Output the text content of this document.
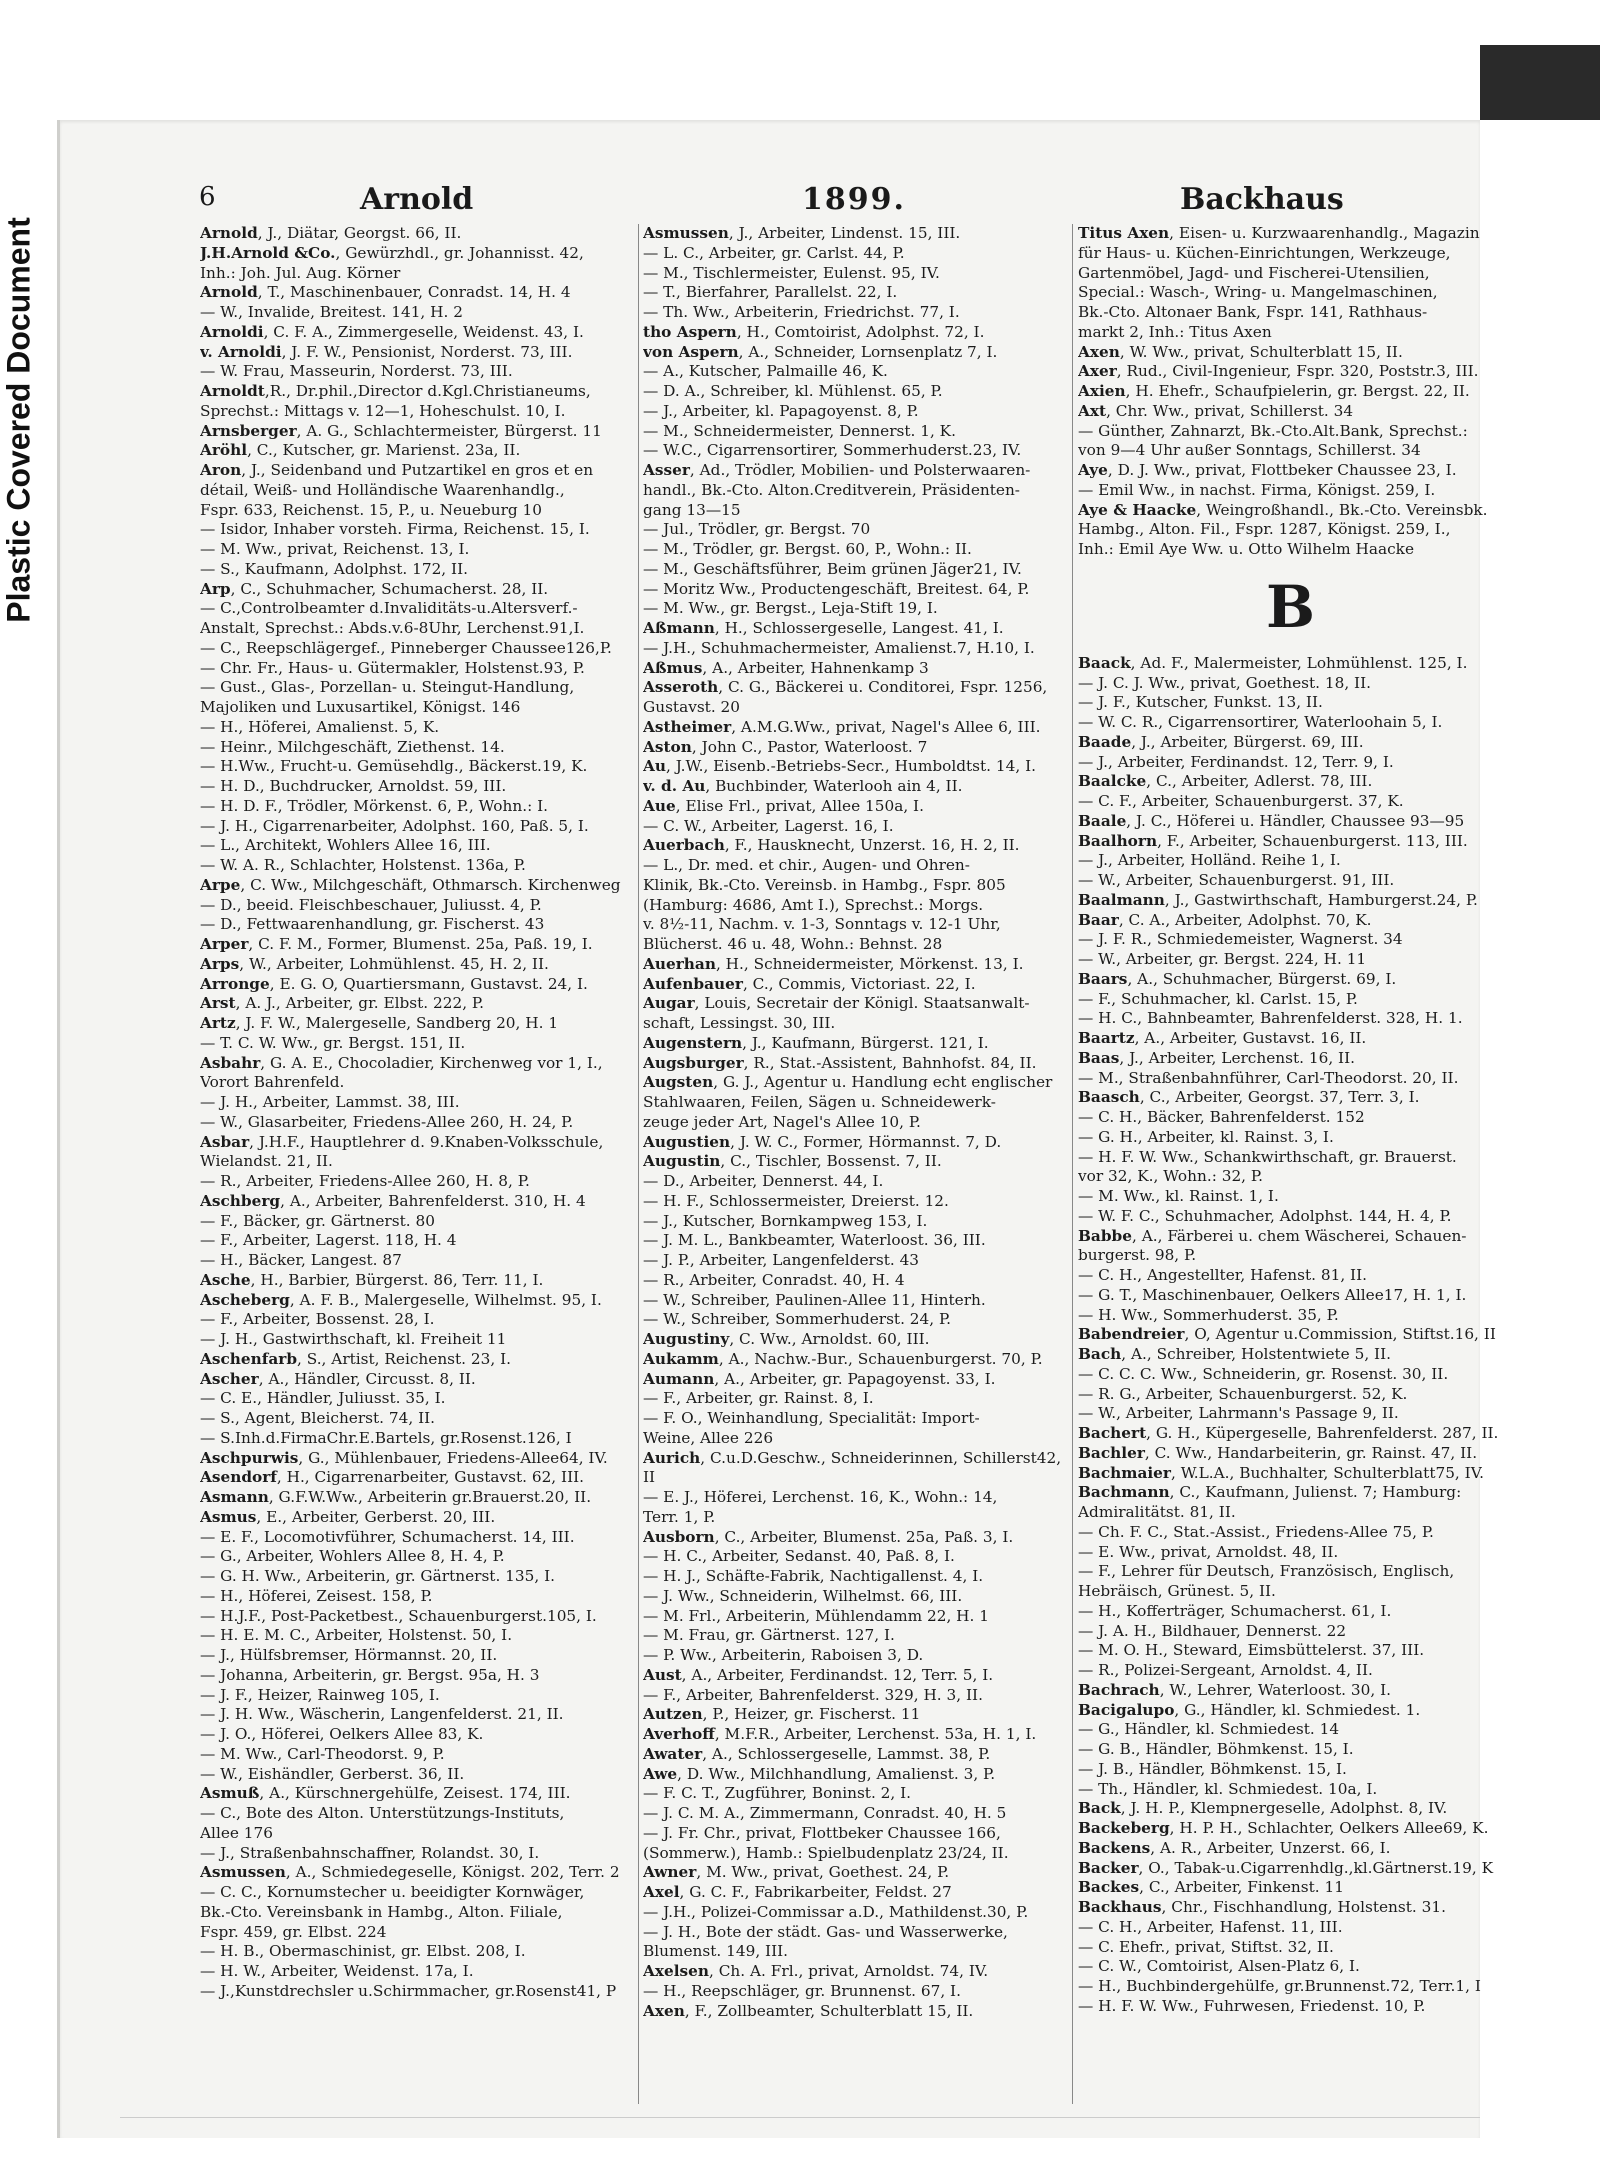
Plastic Covered Document
6	Arnold	1899.	Backhaus
Arnold, J., Diätar, Georgst. 66, II.
J.H.Arnold &Co., Gewürzhdl., gr. Johannisst. 42,
Inh.: Joh. Jul. Aug. Körner
Arnold, T., Maschinenbauer, Conradst. 14, H. 4
— W., Invalide, Breitest. 141, H. 2
Arnoldi, C. F. A., Zimmergeselle, Weidenst. 43, I.
v. Arnoldi, J. F. W., Pensionist, Norderst. 73, III.
— W. Frau, Masseurin, Norderst. 73, III.
Arnoldt,R., Dr.phil.,Director d.Kgl.Christianeums,
Sprechst.: Mittags v. 12—1, Hoheschulst. 10, I.
Arnsberger, A. G., Schlachtermeister, Bürgerst. 11
Aröhl, C., Kutscher, gr. Marienst. 23a, II.
Aron, J., Seidenband und Putzartikel en gros et en
détail, Weiß- und Holländische Waarenhandlg.,
Fspr. 633, Reichenst. 15, P., u. Neueburg 10
— Isidor, Inhaber vorsteh. Firma, Reichenst. 15, I.
— M. Ww., privat, Reichenst. 13, I.
— S., Kaufmann, Adolphst. 172, II.
Arp, C., Schuhmacher, Schumacherst. 28, II.
— C.,Controlbeamter d.Invaliditäts-u.Altersverf.-
Anstalt, Sprechst.: Abds.v.6-8Uhr, Lerchenst.91,I.
— C., Reepschlägergef., Pinneberger Chaussee126,P.
— Chr. Fr., Haus- u. Gütermakler, Holstenst.93, P.
— Gust., Glas-, Porzellan- u. Steingut-Handlung,
Majoliken und Luxusartikel, Königst. 146
— H., Höferei, Amalienst. 5, K.
— Heinr., Milchgeschäft, Ziethenst. 14.
— H.Ww., Frucht-u. Gemüsehdlg., Bäckerst.19, K.
— H. D., Buchdrucker, Arnoldst. 59, III.
— H. D. F., Trödler, Mörkenst. 6, P., Wohn.: I.
— J. H., Cigarrenarbeiter, Adolphst. 160, Paß. 5, I.
— L., Architekt, Wohlers Allee 16, III.
— W. A. R., Schlachter, Holstenst. 136a, P.
Arpe, C. Ww., Milchgeschäft, Othmarsch. Kirchenweg
— D., beeid. Fleischbeschauer, Juliusst. 4, P.
— D., Fettwaarenhandlung, gr. Fischerst. 43
Arper, C. F. M., Former, Blumenst. 25a, Paß. 19, I.
Arps, W., Arbeiter, Lohmühlenst. 45, H. 2, II.
Arronge, E. G. O, Quartiersmann, Gustavst. 24, I.
Arst, A. J., Arbeiter, gr. Elbst. 222, P.
Artz, J. F. W., Malergeselle, Sandberg 20, H. 1
— T. C. W. Ww., gr. Bergst. 151, II.
Asbahr, G. A. E., Chocoladier, Kirchenweg vor 1, I.,
Vorort Bahrenfeld.
— J. H., Arbeiter, Lammst. 38, III.
— W., Glasarbeiter, Friedens-Allee 260, H. 24, P.
Asbar, J.H.F., Hauptlehrer d. 9.Knaben-Volksschule,
Wielandst. 21, II.
— R., Arbeiter, Friedens-Allee 260, H. 8, P.
Aschberg, A., Arbeiter, Bahrenfelderst. 310, H. 4
— F., Bäcker, gr. Gärtnerst. 80
— F., Arbeiter, Lagerst. 118, H. 4
— H., Bäcker, Langest. 87
Asche, H., Barbier, Bürgerst. 86, Terr. 11, I.
Ascheberg, A. F. B., Malergeselle, Wilhelmst. 95, I.
— F., Arbeiter, Bossenst. 28, I.
— J. H., Gastwirthschaft, kl. Freiheit 11
Aschenfarb, S., Artist, Reichenst. 23, I.
Ascher, A., Händler, Circusst. 8, II.
— C. E., Händler, Juliusst. 35, I.
— S., Agent, Bleicherst. 74, II.
— S.Inh.d.FirmaChr.E.Bartels, gr.Rosenst.126, I
Aschpurwis, G., Mühlenbauer, Friedens-Allee64, IV.
Asendorf, H., Cigarrenarbeiter, Gustavst. 62, III.
Asmann, G.F.W.Ww., Arbeiterin gr.Brauerst.20, II.
Asmus, E., Arbeiter, Gerberst. 20, III.
— E. F., Locomotivführer, Schumacherst. 14, III.
— G., Arbeiter, Wohlers Allee 8, H. 4, P.
— G. H. Ww., Arbeiterin, gr. Gärtnerst. 135, I.
— H., Höferei, Zeisest. 158, P.
— H.J.F., Post-Packetbest., Schauenburgerst.105, I.
— H. E. M. C., Arbeiter, Holstenst. 50, I.
— J., Hülfsbremser, Hörmannst. 20, II.
— Johanna, Arbeiterin, gr. Bergst. 95a, H. 3
— J. F., Heizer, Rainweg 105, I.
— J. H. Ww., Wäscherin, Langenfelderst. 21, II.
— J. O., Höferei, Oelkers Allee 83, K.
— M. Ww., Carl-Theodorst. 9, P.
— W., Eishändler, Gerberst. 36, II.
Asmuß, A., Kürschnergehülfe, Zeisest. 174, III.
— C., Bote des Alton. Unterstützungs-Instituts,
Allee 176
— J., Straßenbahnschaffner, Rolandst. 30, I.
Asmussen, A., Schmiedegeselle, Königst. 202, Terr. 2
— C. C., Kornumstecher u. beeidigter Kornwäger,
Bk.-Cto. Vereinsbank in Hambg., Alton. Filiale,
Fspr. 459, gr. Elbst. 224
— H. B., Obermaschinist, gr. Elbst. 208, I.
— H. W., Arbeiter, Weidenst. 17a, I.
— J.,Kunstdrechsler u.Schirmmacher, gr.Rosenst41, P
Asmussen, J., Arbeiter, Lindenst. 15, III.
— L. C., Arbeiter, gr. Carlst. 44, P.
— M., Tischlermeister, Eulenst. 95, IV.
— T., Bierfahrer, Parallelst. 22, I.
— Th. Ww., Arbeiterin, Friedrichst. 77, I.
tho Aspern, H., Comtoirist, Adolphst. 72, I.
von Aspern, A., Schneider, Lornsenplatz 7, I.
— A., Kutscher, Palmaille 46, K.
— D. A., Schreiber, kl. Mühlenst. 65, P.
— J., Arbeiter, kl. Papagoyenst. 8, P.
— M., Schneidermeister, Dennerst. 1, K.
— W.C., Cigarrensortirer, Sommerhuderst.23, IV.
Asser, Ad., Trödler, Mobilien- und Polsterwaaren-
handl., Bk.-Cto. Alton.Creditverein, Präsidenten-
gang 13—15
— Jul., Trödler, gr. Bergst. 70
— M., Trödler, gr. Bergst. 60, P., Wohn.: II.
— M., Geschäftsführer, Beim grünen Jäger21, IV.
— Moritz Ww., Productengeschäft, Breitest. 64, P.
— M. Ww., gr. Bergst., Leja-Stift 19, I.
Aßmann, H., Schlossergeselle, Langest. 41, I.
— J.H., Schuhmachermeister, Amalienst.7, H.10, I.
Aßmus, A., Arbeiter, Hahnenkamp 3
Asseroth, C. G., Bäckerei u. Conditorei, Fspr. 1256,
Gustavst. 20
Astheimer, A.M.G.Ww., privat, Nagel's Allee 6, III.
Aston, John C., Pastor, Waterloost. 7
Au, J.W., Eisenb.-Betriebs-Secr., Humboldtst. 14, I.
v. d. Au, Buchbinder, Waterlooh ain 4, II.
Aue, Elise Frl., privat, Allee 150a, I.
— C. W., Arbeiter, Lagerst. 16, I.
Auerbach, F., Hausknecht, Unzerst. 16, H. 2, II.
— L., Dr. med. et chir., Augen- und Ohren-
Klinik, Bk.-Cto. Vereinsb. in Hambg., Fspr. 805
(Hamburg: 4686, Amt I.), Sprechst.: Morgs.
v. 8½-11, Nachm. v. 1-3, Sonntags v. 12-1 Uhr,
Blücherst. 46 u. 48, Wohn.: Behnst. 28
Auerhan, H., Schneidermeister, Mörkenst. 13, I.
Aufenbauer, C., Commis, Victoriast. 22, I.
Augar, Louis, Secretair der Königl. Staatsanwalt-
schaft, Lessingst. 30, III.
Augenstern, J., Kaufmann, Bürgerst. 121, I.
Augsburger, R., Stat.-Assistent, Bahnhofst. 84, II.
Augsten, G. J., Agentur u. Handlung echt englischer
Stahlwaaren, Feilen, Sägen u. Schneidewerk-
zeuge jeder Art, Nagel's Allee 10, P.
Augustien, J. W. C., Former, Hörmannst. 7, D.
Augustin, C., Tischler, Bossenst. 7, II.
— D., Arbeiter, Dennerst. 44, I.
— H. F., Schlossermeister, Dreierst. 12.
— J., Kutscher, Bornkampweg 153, I.
— J. M. L., Bankbeamter, Waterloost. 36, III.
— J. P., Arbeiter, Langenfelderst. 43
— R., Arbeiter, Conradst. 40, H. 4
— W., Schreiber, Paulinen-Allee 11, Hinterh.
— W., Schreiber, Sommerhuderst. 24, P.
Augustiny, C. Ww., Arnoldst. 60, III.
Aukamm, A., Nachw.-Bur., Schauenburgerst. 70, P.
Aumann, A., Arbeiter, gr. Papagoyenst. 33, I.
— F., Arbeiter, gr. Rainst. 8, I.
— F. O., Weinhandlung, Specialität: Import-
Weine, Allee 226
Aurich, C.u.D.Geschw., Schneiderinnen, Schillerst42, II
— E. J., Höferei, Lerchenst. 16, K., Wohn.: 14,
Terr. 1, P.
Ausborn, C., Arbeiter, Blumenst. 25a, Paß. 3, I.
— H. C., Arbeiter, Sedanst. 40, Paß. 8, I.
— H. J., Schäfte-Fabrik, Nachtigallenst. 4, I.
— J. Ww., Schneiderin, Wilhelmst. 66, III.
— M. Frl., Arbeiterin, Mühlendamm 22, H. 1
— M. Frau, gr. Gärtnerst. 127, I.
— P. Ww., Arbeiterin, Raboisen 3, D.
Aust, A., Arbeiter, Ferdinandst. 12, Terr. 5, I.
— F., Arbeiter, Bahrenfelderst. 329, H. 3, II.
Autzen, P., Heizer, gr. Fischerst. 11
Averhoff, M.F.R., Arbeiter, Lerchenst. 53a, H. 1, I.
Awater, A., Schlossergeselle, Lammst. 38, P.
Awe, D. Ww., Milchhandlung, Amalienst. 3, P.
— F. C. T., Zugführer, Boninst. 2, I.
— J. C. M. A., Zimmermann, Conradst. 40, H. 5
— J. Fr. Chr., privat, Flottbeker Chaussee 166,
(Sommerw.), Hamb.: Spielbudenplatz 23/24, II.
Awner, M. Ww., privat, Goethest. 24, P.
Axel, G. C. F., Fabrikarbeiter, Feldst. 27
— J.H., Polizei-Commissar a.D., Mathildenst.30, P.
— J. H., Bote der städt. Gas- und Wasserwerke,
Blumenst. 149, III.
Axelsen, Ch. A. Frl., privat, Arnoldst. 74, IV.
— H., Reepschläger, gr. Brunnenst. 67, I.
Axen, F., Zollbeamter, Schulterblatt 15, II.
Titus Axen, Eisen- u. Kurzwaarenhandlg., Magazin
für Haus- u. Küchen-Einrichtungen, Werkzeuge,
Gartenmöbel, Jagd- und Fischerei-Utensilien,
Special.: Wasch-, Wring- u. Mangelmaschinen,
Bk.-Cto. Altonaer Bank, Fspr. 141, Rathhaus-
markt 2, Inh.: Titus Axen
Axen, W. Ww., privat, Schulterblatt 15, II.
Axer, Rud., Civil-Ingenieur, Fspr. 320, Poststr.3, III.
Axien, H. Ehefr., Schaufpielerin, gr. Bergst. 22, II.
Axt, Chr. Ww., privat, Schillerst. 34
— Günther, Zahnarzt, Bk.-Cto.Alt.Bank, Sprechst.:
von 9—4 Uhr außer Sonntags, Schillerst. 34
Aye, D. J. Ww., privat, Flottbeker Chaussee 23, I.
— Emil Ww., in nachst. Firma, Königst. 259, I.
Aye & Haacke, Weingroßhandl., Bk.-Cto. Vereinsbk.
Hambg., Alton. Fil., Fspr. 1287, Königst. 259, I.,
Inh.: Emil Aye Ww. u. Otto Wilhelm Haacke
B
Baack, Ad. F., Malermeister, Lohmühlenst. 125, I.
— J. C. J. Ww., privat, Goethest. 18, II.
— J. F., Kutscher, Funkst. 13, II.
— W. C. R., Cigarrensortirer, Waterloohain 5, I.
Baade, J., Arbeiter, Bürgerst. 69, III.
— J., Arbeiter, Ferdinandst. 12, Terr. 9, I.
Baalcke, C., Arbeiter, Adlerst. 78, III.
— C. F., Arbeiter, Schauenburgerst. 37, K.
Baale, J. C., Höferei u. Händler, Chaussee 93—95
Baalhorn, F., Arbeiter, Schauenburgerst. 113, III.
— J., Arbeiter, Holländ. Reihe 1, I.
— W., Arbeiter, Schauenburgerst. 91, III.
Baalmann, J., Gastwirthschaft, Hamburgerst.24, P.
Baar, C. A., Arbeiter, Adolphst. 70, K.
— J. F. R., Schmiedemeister, Wagnerst. 34
— W., Arbeiter, gr. Bergst. 224, H. 11
Baars, A., Schuhmacher, Bürgerst. 69, I.
— F., Schuhmacher, kl. Carlst. 15, P.
— H. C., Bahnbeamter, Bahrenfelderst. 328, H. 1.
Baartz, A., Arbeiter, Gustavst. 16, II.
Baas, J., Arbeiter, Lerchenst. 16, II.
— M., Straßenbahnführer, Carl-Theodorst. 20, II.
Baasch, C., Arbeiter, Georgst. 37, Terr. 3, I.
— C. H., Bäcker, Bahrenfelderst. 152
— G. H., Arbeiter, kl. Rainst. 3, I.
— H. F. W. Ww., Schankwirthschaft, gr. Brauerst.
vor 32, K., Wohn.: 32, P.
— M. Ww., kl. Rainst. 1, I.
— W. F. C., Schuhmacher, Adolphst. 144, H. 4, P.
Babbe, A., Färberei u. chem Wäscherei, Schauen-
burgerst. 98, P.
— C. H., Angestellter, Hafenst. 81, II.
— G. T., Maschinenbauer, Oelkers Allee17, H. 1, I.
— H. Ww., Sommerhuderst. 35, P.
Babendreier, O, Agentur u.Commission, Stiftst.16, II
Bach, A., Schreiber, Holstentwiete 5, II.
— C. C. C. Ww., Schneiderin, gr. Rosenst. 30, II.
— R. G., Arbeiter, Schauenburgerst. 52, K.
— W., Arbeiter, Lahrmann's Passage 9, II.
Bachert, G. H., Küpergeselle, Bahrenfelderst. 287, II.
Bachler, C. Ww., Handarbeiterin, gr. Rainst. 47, II.
Bachmaier, W.L.A., Buchhalter, Schulterblatt75, IV.
Bachmann, C., Kaufmann, Julienst. 7; Hamburg:
Admiralitätst. 81, II.
— Ch. F. C., Stat.-Assist., Friedens-Allee 75, P.
— E. Ww., privat, Arnoldst. 48, II.
— F., Lehrer für Deutsch, Französisch, Englisch,
Hebräisch, Grünest. 5, II.
— H., Kofferträger, Schumacherst. 61, I.
— J. A. H., Bildhauer, Dennerst. 22
— M. O. H., Steward, Eimsbüttelerst. 37, III.
— R., Polizei-Sergeant, Arnoldst. 4, II.
Bachrach, W., Lehrer, Waterloost. 30, I.
Bacigalupo, G., Händler, kl. Schmiedest. 1.
— G., Händler, kl. Schmiedest. 14
— G. B., Händler, Böhmkenst. 15, I.
— J. B., Händler, Böhmkenst. 15, I.
— Th., Händler, kl. Schmiedest. 10a, I.
Back, J. H. P., Klempnergeselle, Adolphst. 8, IV.
Backeberg, H. P. H., Schlachter, Oelkers Allee69, K.
Backens, A. R., Arbeiter, Unzerst. 66, I.
Backer, O., Tabak-u.Cigarrenhdlg.,kl.Gärtnerst.19, K
Backes, C., Arbeiter, Finkenst. 11
Backhaus, Chr., Fischhandlung, Holstenst. 31.
— C. H., Arbeiter, Hafenst. 11, III.
— C. Ehefr., privat, Stiftst. 32, II.
— C. W., Comtoirist, Alsen-Platz 6, I.
— H., Buchbindergehülfe, gr.Brunnenst.72, Terr.1, I
— H. F. W. Ww., Fuhrwesen, Friedenst. 10, P.
